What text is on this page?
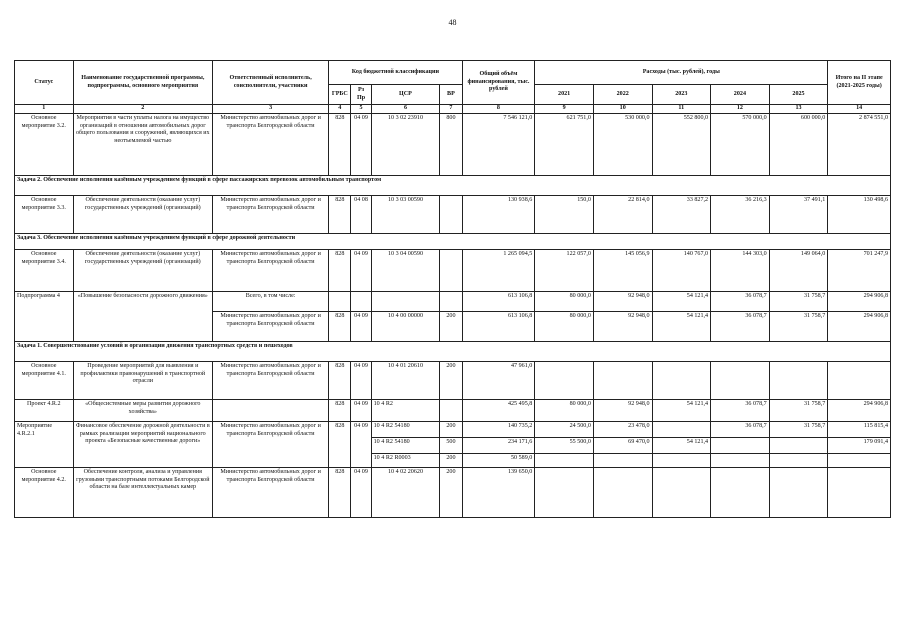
48
Статус	Наименование государственной программы, подпрограммы, основного мероприятия	Ответственный исполнитель, соисполнители, участники	Код бюджетной классификации				Общий объём финансирования, тыс. рублей	Расходы (тыс. рублей), годы					Итого на II этапе (2021-2025 годы)
			ГРБС	Рз Пр	ЦСР	ВР		2021	2022	2023	2024	2025	
1	2	3	4	5	6	7	8	9	10	11	12	13	14
Основное мероприятие 3.2.	Мероприятия в части уплаты налога на имущество организаций в отношении автомобильных дорог общего пользования и сооружений, являющихся их неотъемлемой частью	Министерство автомобильных дорог и транспорта Белгородской области	828	04 09	10 3 02 23910	800	7 546 121,0	621 751,0	530 000,0	552 800,0	570 000,0	600 000,0	2 874 551,0
Задача 2. Обеспечение исполнения казённым учреждением функций в сфере пассажирских перевозок автомобильным транспортом													
Основное мероприятие 3.3.	Обеспечение деятельности (оказание услуг) государственных учреждений (организаций)	Министерство автомобильных дорог и транспорта Белгородской области	828	04 08	10 3 03 00590		130 938,6	150,0	22 814,0	33 827,2	36 216,3	37 491,1	130 498,6
Задача 3. Обеспечение исполнения казённым учреждением функций в сфере дорожной деятельности													
Основное мероприятие 3.4.	Обеспечение деятельности (оказание услуг) государственных учреждений (организаций)	Министерство автомобильных дорог и транспорта Белгородской области	828	04 09	10 3 04 00590		1 265 094,5	122 057,0	145 056,9	140 767,0	144 303,0	149 064,0	701 247,9
Подпрограмма 4	«Повышение безопасности дорожного движения»	Всего, в том числе:					613 106,8	80 000,0	92 948,0	54 121,4	36 078,7	31 758,7	294 906,8
		Министерство автомобильных дорог и транспорта Белгородской области	828	04 09	10 4 00 00000	200	613 106,8	80 000,0	92 948,0	54 121,4	36 078,7	31 758,7	294 906,8
Задача 1. Совершенствование условий и организации движения транспортных средств и пешеходов													
Основное мероприятие 4.1.	Проведение мероприятий для выявления и профилактики правонарушений в транспортной отрасли	Министерство автомобильных дорог и транспорта Белгородской области	828	04 09	10 4 01 20610	200	47 961,0						
Проект 4.R.2	«Общесистемные меры развития дорожного хозяйства»		828	04 09	10 4 R2		425 495,8	80 000,0	92 948,0	54 121,4	36 078,7	31 758,7	294 906,8
Мероприятие 4.R.2.1	Финансовое обеспечение дорожной деятельности в рамках реализации мероприятий национального проекта «Безопасные качественные дороги»	Министерство автомобильных дорог и транспорта Белгородской области	828	04 09	10 4 R2 54180	200	140 735,2	24 500,0	23 478,0		36 078,7	31 758,7	115 815,4
					10 4 R2 54180	500	234 171,6	55 500,0	69 470,0	54 121,4			179 091,4
					10 4 R2 R0003	200	50 589,0						
Основное мероприятие 4.2.	Обеспечение контроля, анализа и управления грузовыми транспортными потоками Белгородской области на базе интеллектуальных камер	Министерство автомобильных дорог и транспорта Белгородской области	828	04 09	10 4 02 20620	200	139 650,0						
